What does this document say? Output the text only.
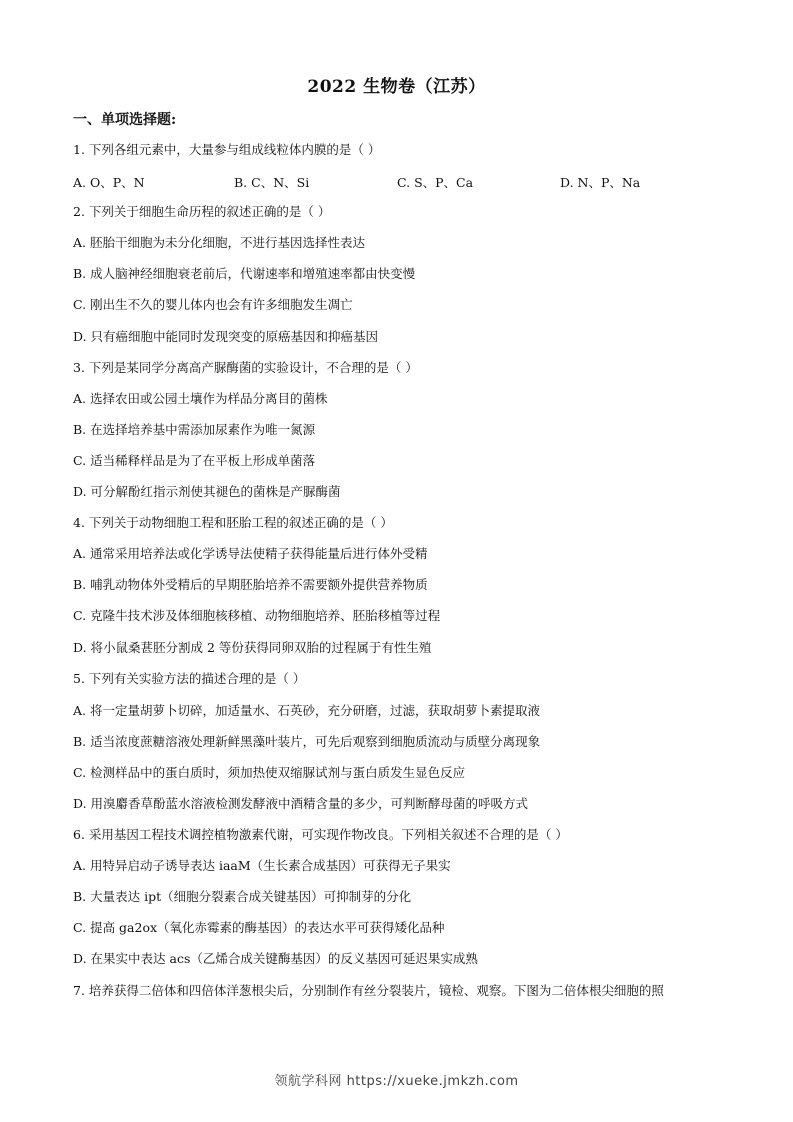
2022 生物卷（江苏）
一、单项选择题:
1. 下列各组元素中，大量参与组成线粒体内膜的是（ ）
A. O、P、N	B. C、N、Si	C. S、P、Ca	D. N、P、Na
2. 下列关于细胞生命历程的叙述正确的是（ ）
A. 胚胎干细胞为未分化细胞，不进行基因选择性表达
B. 成人脑神经细胞衰老前后，代谢速率和增殖速率都由快变慢
C. 刚出生不久的婴儿体内也会有许多细胞发生凋亡
D. 只有癌细胞中能同时发现突变的原癌基因和抑癌基因
3. 下列是某同学分离高产脲酶菌的实验设计，不合理的是（ ）
A. 选择农田或公园土壤作为样品分离目的菌株
B. 在选择培养基中需添加尿素作为唯一氮源
C. 适当稀释样品是为了在平板上形成单菌落
D. 可分解酚红指示剂使其褪色的菌株是产脲酶菌
4. 下列关于动物细胞工程和胚胎工程的叙述正确的是（ ）
A. 通常采用培养法或化学诱导法使精子获得能量后进行体外受精
B. 哺乳动物体外受精后的早期胚胎培养不需要额外提供营养物质
C. 克隆牛技术涉及体细胞核移植、动物细胞培养、胚胎移植等过程
D. 将小鼠桑葚胚分割成 2 等份获得同卵双胎的过程属于有性生殖
5. 下列有关实验方法的描述合理的是（ ）
A. 将一定量胡萝卜切碎，加适量水、石英砂，充分研磨，过滤，获取胡萝卜素提取液
B. 适当浓度蔗糖溶液处理新鲜黑藻叶装片，可先后观察到细胞质流动与质壁分离现象
C. 检测样品中的蛋白质时，须加热使双缩脲试剂与蛋白质发生显色反应
D. 用溴麝香草酚蓝水溶液检测发酵液中酒精含量的多少，可判断酵母菌的呼吸方式
6. 采用基因工程技术调控植物激素代谢，可实现作物改良。下列相关叙述不合理的是（ ）
A. 用特异启动子诱导表达 iaaM（生长素合成基因）可获得无子果实
B. 大量表达 ipt（细胞分裂素合成关键基因）可抑制芽的分化
C. 提高 ga2ox（氧化赤霉素的酶基因）的表达水平可获得矮化品种
D. 在果实中表达 acs（乙烯合成关键酶基因）的反义基因可延迟果实成熟
7. 培养获得二倍体和四倍体洋葱根尖后，分别制作有丝分裂装片，镜检、观察。下图为二倍体根尖细胞的照
领航学科网 https://xueke.jmkzh.com
